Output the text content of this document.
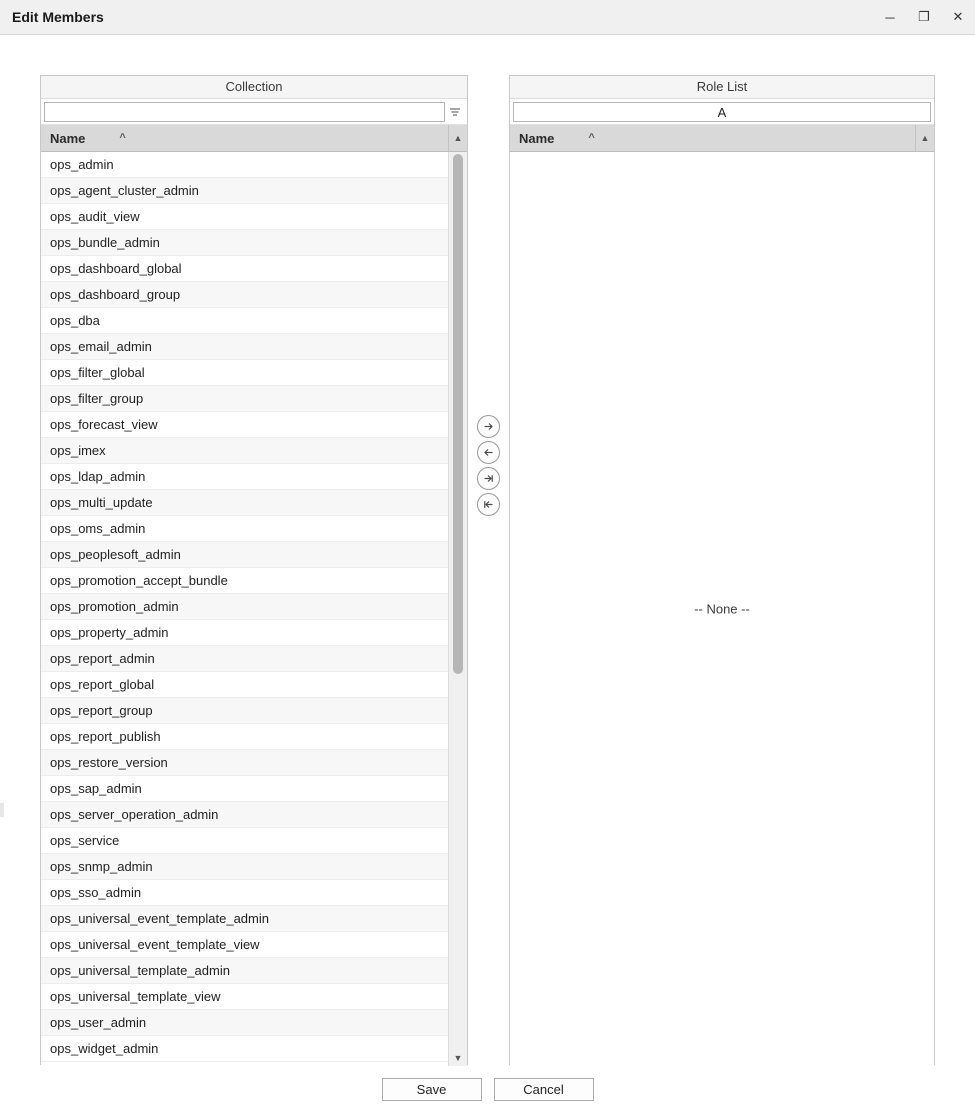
Edit Members	─	❐	✕
Collection
Name	^	▲
ops_admin
ops_agent_cluster_admin
ops_audit_view
ops_bundle_admin
ops_dashboard_global
ops_dashboard_group
ops_dba
ops_email_admin
ops_filter_global
ops_filter_group
ops_forecast_view
ops_imex
ops_ldap_admin
ops_multi_update
ops_oms_admin
ops_peoplesoft_admin
ops_promotion_accept_bundle
ops_promotion_admin
ops_property_admin
ops_report_admin
ops_report_global
ops_report_group
ops_report_publish
ops_restore_version
ops_sap_admin
ops_server_operation_admin
ops_service
ops_snmp_admin
ops_sso_admin
ops_universal_event_template_admin
ops_universal_event_template_view
ops_universal_template_admin
ops_universal_template_view
ops_user_admin
ops_widget_admin
▼
Role List
A
Name	^	▲
-- None --
Save	Cancel
